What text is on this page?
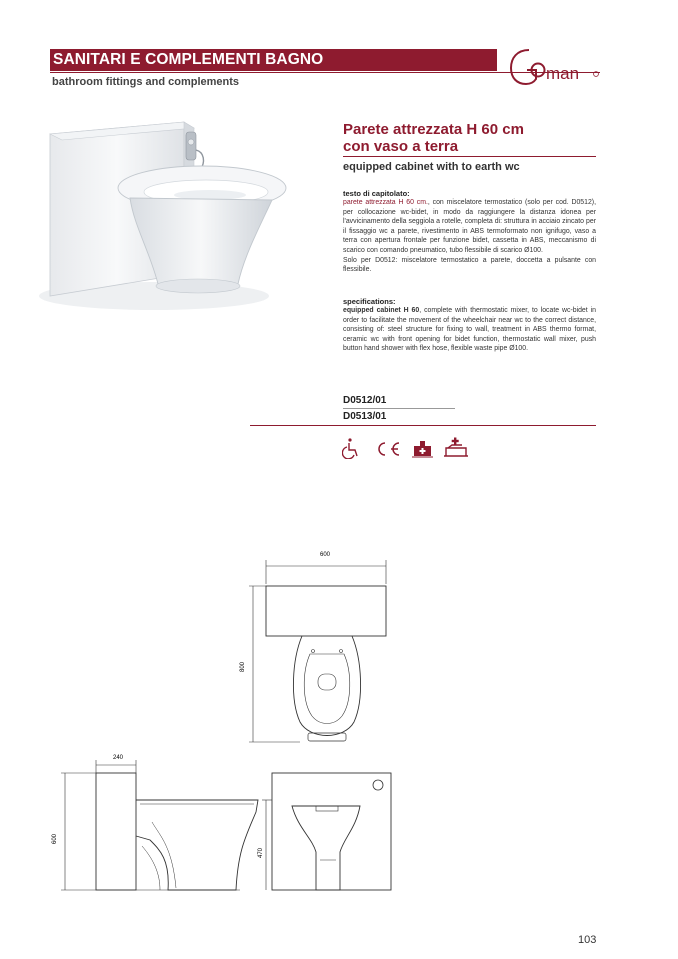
SANITARI E COMPLEMENTI BAGNO
bathroom fittings and complements	man
Parete attrezzata H 60 cm
con vaso a terra
equipped cabinet with to earth wc
testo di capitolato:
parete attrezzata H 60 cm., con miscelatore termostatico (solo per cod. D0512), per collocazione wc-bidet, in modo da raggiungere la distanza idonea per l'avvicinamento della seggiola a rotelle, completa di: struttura in acciaio zincato per il fissaggio wc a parete, rivestimento in ABS termoformato non ignifugo, vaso a terra con apertura frontale per funzione bidet, cassetta in ABS, meccanismo di scarico con comando pneumatico, tubo flessibile di scarico Ø100.
Solo per D0512: miscelatore termostatico a parete, doccetta a pulsante con flessibile.
specifications:
equipped cabinet H 60, complete with thermostatic mixer, to locate wc-bidet in order to facilitate the movement of the wheelchair near wc to the correct distance, consisting of: steel structure for fixing to wall, treatment in ABS thermo format, ceramic wc with front opening for bidet function, thermostatic wall mixer, push button hand shower with flex hose, flexible waste pipe Ø100.
D0512/01
D0513/01
600
800
240
600
470
103
